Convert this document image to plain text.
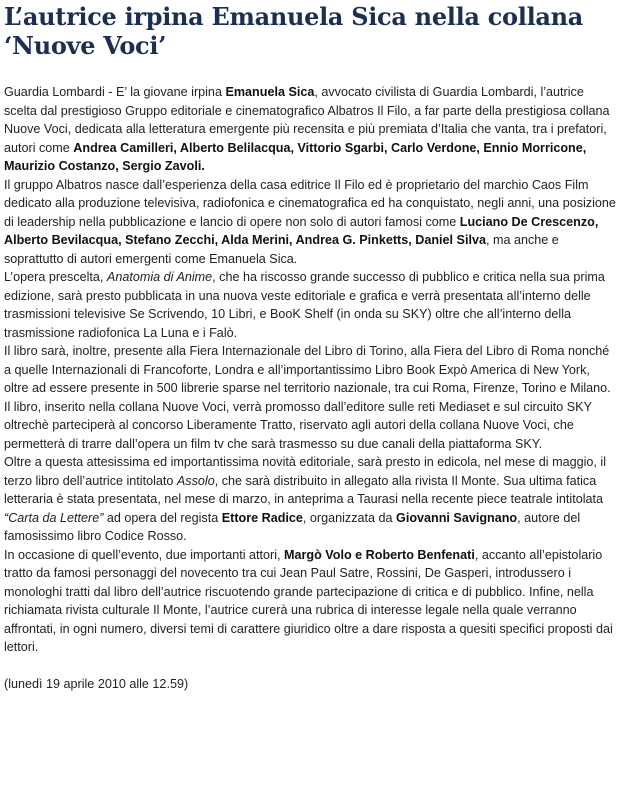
L’autrice irpina Emanuela Sica nella collana ‘Nuove Voci’

Guardia Lombardi - E’ la giovane irpina Emanuela Sica, avvocato civilista di Guardia Lombardi, l’autrice scelta dal prestigioso Gruppo editoriale e cinematografico Albatros Il Filo, a far parte della prestigiosa collana Nuove Voci, dedicata alla letteratura emergente più recensita e più premiata d’Italia che vanta, tra i prefatori, autori come Andrea Camilleri, Alberto Belilacqua, Vittorio Sgarbi, Carlo Verdone, Ennio Morricone, Maurizio Costanzo, Sergio Zavoli.

Il gruppo Albatros nasce dall’esperienza della casa editrice Il Filo ed è proprietario del marchio Caos Film dedicato alla produzione televisiva, radiofonica e cinematografica ed ha conquistato, negli anni, una posizione di leadership nella pubblicazione e lancio di opere non solo di autori famosi come Luciano De Crescenzo, Alberto Bevilacqua, Stefano Zecchi, Alda Merini, Andrea G. Pinketts, Daniel Silva, ma anche e soprattutto di autori emergenti come Emanuela Sica.

L’opera prescelta, Anatomia di Anime, che ha riscosso grande successo di pubblico e critica nella sua prima edizione, sarà presto pubblicata in una nuova veste editoriale e grafica e verrà presentata all’interno delle trasmissioni televisive Se Scrivendo, 10 Libri, e BooK Shelf (in onda su SKY) oltre che all’interno della trasmissione radiofonica La Luna e i Falò.

Il libro sarà, inoltre, presente alla Fiera Internazionale del Libro di Torino, alla Fiera del Libro di Roma nonché a quelle Internazionali di Francoforte, Londra e all’importantissimo Libro Book Expò America di New York, oltre ad essere presente in 500 librerie sparse nel territorio nazionale, tra cui Roma, Firenze, Torino e Milano.

Il libro, inserito nella collana Nuove Voci, verrà promosso dall’editore sulle reti Mediaset e sul circuito SKY oltrechè parteciperà al concorso Liberamente Tratto, riservato agli autori della collana Nuove Voci, che permetterà di trarre dall’opera un film tv che sarà trasmesso su due canali della piattaforma SKY.

Oltre a questa attesissima ed importantissima novità editoriale, sarà presto in edicola, nel mese di maggio, il terzo libro dell’autrice intitolato Assolo, che sarà distribuito in allegato alla rivista Il Monte. Sua ultima fatica letteraria è stata presentata, nel mese di marzo, in anteprima a Taurasi nella recente piece teatrale intitolata “Carta da Lettere” ad opera del regista Ettore Radice, organizzata da Giovanni Savignano, autore del famosissimo libro Codice Rosso.

In occasione di quell’evento, due importanti attori, Margò Volo e Roberto Benfenati, accanto all’epistolario tratto da famosi personaggi del novecento tra cui Jean Paul Satre, Rossini, De Gasperi, introdussero i monologhi tratti dal libro dell’autrice riscuotendo grande partecipazione di critica e di pubblico. Infine, nella richiamata rivista culturale Il Monte, l’autrice curerà una rubrica di interesse legale nella quale verranno affrontati, in ogni numero, diversi temi di carattere giuridico oltre a dare risposta a quesiti specifici proposti dai lettori.

(lunedì 19 aprile 2010 alle 12.59)
